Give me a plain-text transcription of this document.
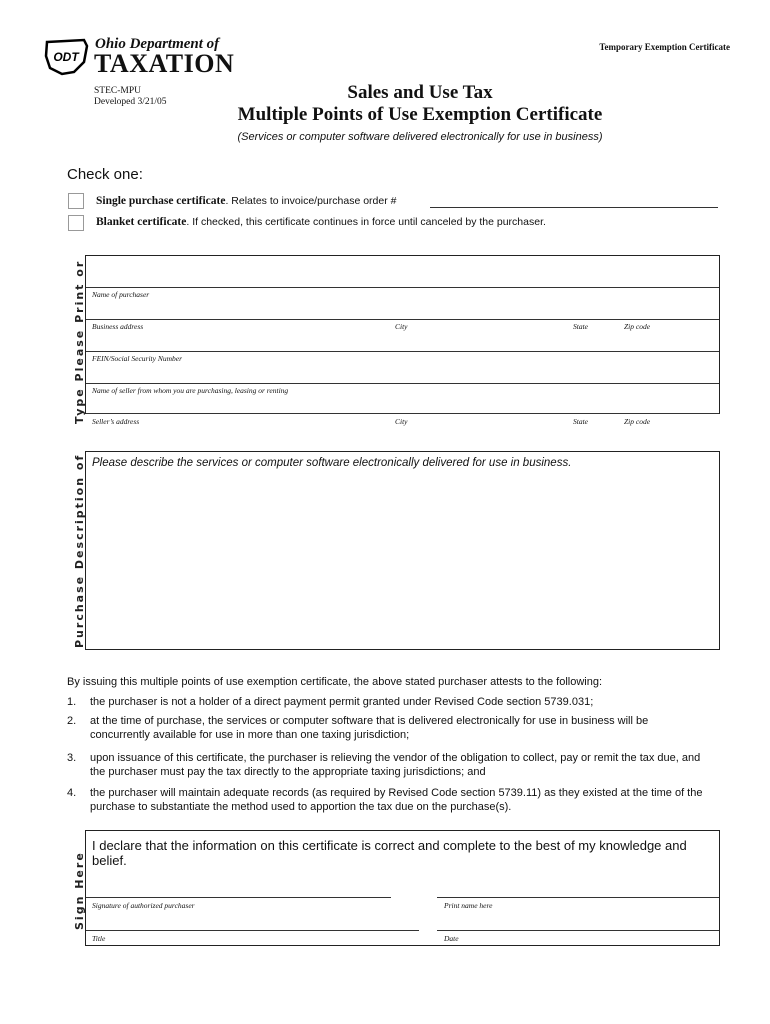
ODT
Ohio Department of
TAXATION
Temporary Exemption Certificate
STEC-MPU
Developed 3/21/05	Sales and Use Tax
Multiple Points of Use Exemption Certificate
(Services or computer software delivered electronically for use in business)
Check one:
Single purchase certificate. Relates to invoice/purchase order #
Blanket certificate. If checked, this certificate continues in force until canceled by the purchaser.
Type Please Print or Name of purchaser
Business address	City	State	Zip code
FEIN/Social Security Number
Name of seller from whom you are purchasing, leasing or renting
Seller’s address	City	State	Zip code
Purchase Description of Please describe the services or computer software electronically delivered for use in business.
By issuing this multiple points of use exemption certificate, the above stated purchaser attests to the following:
1. the purchaser is not a holder of a direct payment permit granted under Revised Code section 5739.031;
2. at the time of purchase, the services or computer software that is delivered electronically for use in business will be concurrently available for use in more than one taxing jurisdiction;
3. upon issuance of this certificate, the purchaser is relieving the vendor of the obligation to collect, pay or remit the tax due, and the purchaser must pay the tax directly to the appropriate taxing jurisdictions; and
4. the purchaser will maintain adequate records (as required by Revised Code section 5739.11) as they existed at the time of the purchase to substantiate the method used to apportion the tax due on the purchase(s).
Sign Here
I declare that the information on this certificate is correct and complete to the best of my knowledge and belief.
Signature of authorized purchaser	Print name here
Title	Date
